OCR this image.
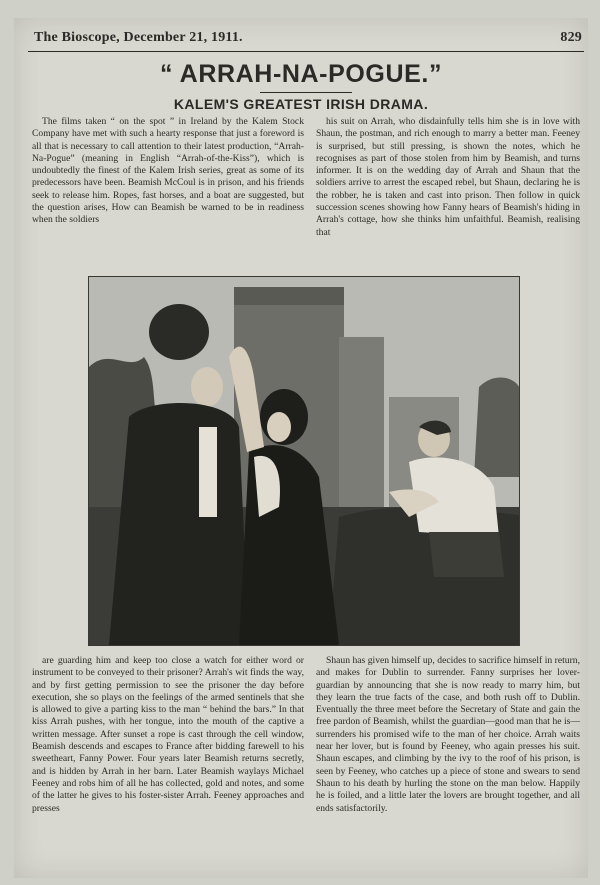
The Bioscope, December 21, 1911.	829
“ ARRAH-NA-POGUE.”
KALEM'S GREATEST IRISH DRAMA.

The films taken “ on the spot ” in Ireland by the Kalem Stock Company have met with such a hearty response that just a foreword is all that is necessary to call attention to their latest production, “Arrah-Na-Pogue” (meaning in English “Arrah-of-the-Kiss”), which is undoubtedly the finest of the Kalem Irish series, great as some of its predecessors have been. Beamish McCoul is in prison, and his friends seek to release him. Ropes, fast horses, and a boat are suggested, but the question arises, How can Beamish be warned to be in readiness when the soldiers

his suit on Arrah, who disdainfully tells him she is in love with Shaun, the postman, and rich enough to marry a better man. Feeney is surprised, but still pressing, is shown the notes, which he recognises as part of those stolen from him by Beamish, and turns informer. It is on the wedding day of Arrah and Shaun that the soldiers arrive to arrest the escaped rebel, but Shaun, declaring he is the robber, he is taken and cast into prison. Then follow in quick succession scenes showing how Fanny hears of Beamish's hiding in Arrah's cottage, how she thinks him unfaithful. Beamish, realising that

are guarding him and keep too close a watch for either word or instrument to be conveyed to their prisoner? Arrah's wit finds the way, and by first getting permission to see the prisoner the day before execution, she so plays on the feelings of the armed sentinels that she is allowed to give a parting kiss to the man “ behind the bars.” In that kiss Arrah pushes, with her tongue, into the mouth of the captive a written message. After sunset a rope is cast through the cell window, Beamish descends and escapes to France after bidding farewell to his sweetheart, Fanny Power. Four years later Beamish returns secretly, and is hidden by Arrah in her barn. Later Beamish waylays Michael Feeney and robs him of all he has collected, gold and notes, and some of the latter he gives to his foster-sister Arrah. Feeney approaches and presses

Shaun has given himself up, decides to sacrifice himself in return, and makes for Dublin to surrender. Fanny surprises her lover-guardian by announcing that she is now ready to marry him, but they learn the true facts of the case, and both rush off to Dublin. Eventually the three meet before the Secretary of State and gain the free pardon of Beamish, whilst the guardian—good man that he is—surrenders his promised wife to the man of her choice. Arrah waits near her lover, but is found by Feeney, who again presses his suit. Shaun escapes, and climbing by the ivy to the roof of his prison, is seen by Feeney, who catches up a piece of stone and swears to send Shaun to his death by hurling the stone on the man below. Happily he is foiled, and a little later the lovers are brought together, and all ends satisfactorily.
